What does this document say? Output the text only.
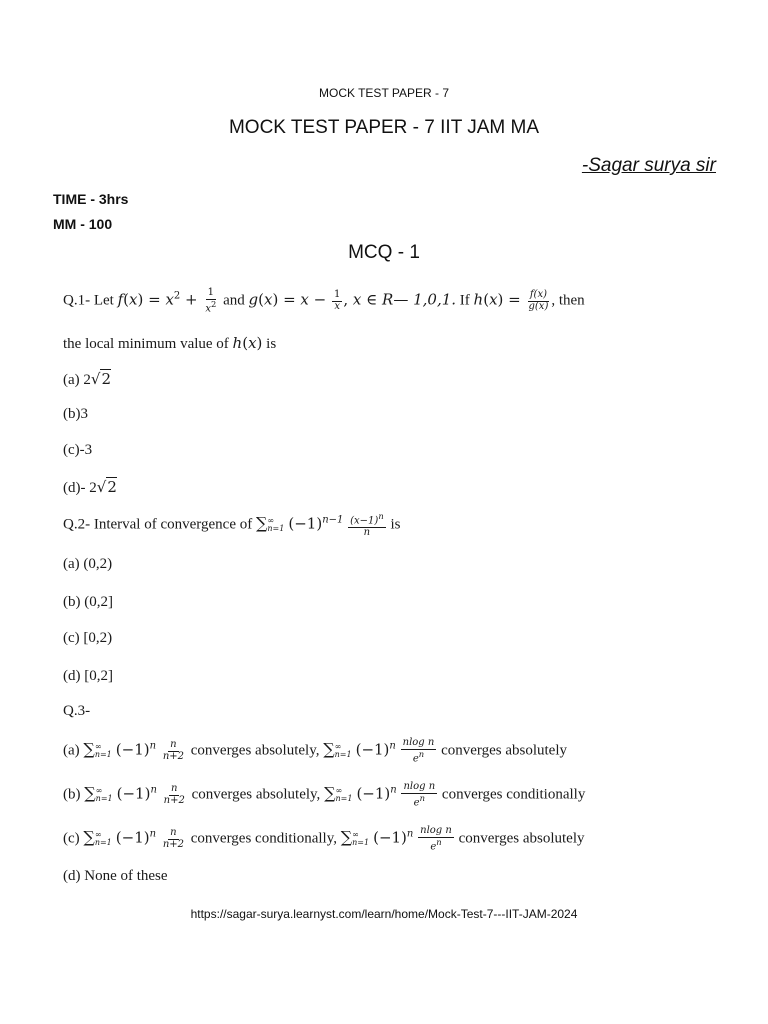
MOCK TEST PAPER - 7
MOCK TEST PAPER - 7 IIT JAM MA
-Sagar surya sir
TIME - 3hrs
MM - 100
MCQ - 1
Q.1- Let $f(x) = x^2 + \frac{1}{x^2}$ and $g(x) = x - \frac{1}{x}$ , x ∈ R— 1,0,1. If $h(x) = \frac{f(x)}{g(x)}$ , then
the local minimum value of h(x) is
(a) 2√2
(b)3
(c)-3
(d)- 2√2
Q.2- Interval of convergence of ∑ ∞
n=1 $(-1)^{n-1} \frac{(x-1)^n}{n}$ is
(a) (0,2)
(b) (0,2]
(c) [0,2)
(d) [0,2]
Q.3-
(a) ∑ ∞
n=1 $(-1)^n \frac{n}{n+2}$ converges absolutely, ∑ ∞
n=1 $(-1)^n \frac{\text{nlog n}}{e^n}$ converges absolutely
(b) ∑ ∞
n=1 $(-1)^n \frac{n}{n+2}$ converges absolutely, ∑ ∞
n=1 $(-1)^n \frac{\text{nlog n}}{e^n}$ converges conditionally
(c) ∑ ∞
n=1 $(-1)^n \frac{n}{n+2}$ converges conditionally, ∑ ∞
n=1 $(-1)^n \frac{\text{nlog n}}{e^n}$ converges absolutely
(d) None of these
https://sagar-surya.learnyst.com/learn/home/Mock-Test-7---IIT-JAM-2024
